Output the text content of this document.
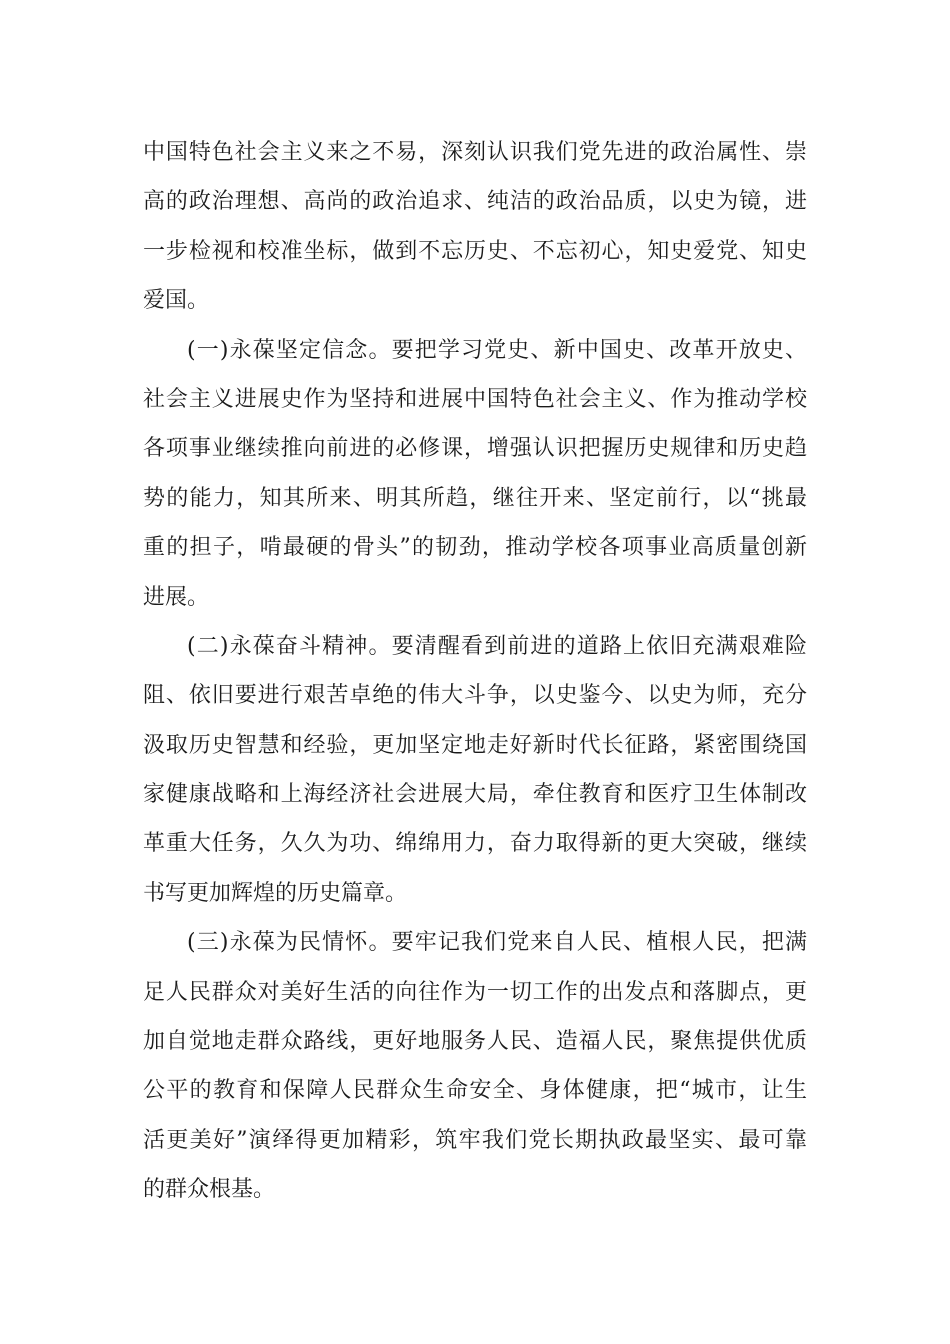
中国特色社会主义来之不易，深刻认识我们党先进的政治属性、崇
高的政治理想、高尚的政治追求、纯洁的政治品质，以史为镜，进
一步检视和校准坐标，做到不忘历史、不忘初心，知史爱党、知史
爱国。
(一)永葆坚定信念。要把学习党史、新中国史、改革开放史、
社会主义进展史作为坚持和进展中国特色社会主义、作为推动学校
各项事业继续推向前进的必修课，增强认识把握历史规律和历史趋
势的能力，知其所来、明其所趋，继往开来、坚定前行，以“挑最
重的担子，啃最硬的骨头”的韧劲，推动学校各项事业高质量创新
进展。
(二)永葆奋斗精神。要清醒看到前进的道路上依旧充满艰难险
阻、依旧要进行艰苦卓绝的伟大斗争，以史鉴今、以史为师，充分
汲取历史智慧和经验，更加坚定地走好新时代长征路，紧密围绕国
家健康战略和上海经济社会进展大局，牵住教育和医疗卫生体制改
革重大任务，久久为功、绵绵用力，奋力取得新的更大突破，继续
书写更加辉煌的历史篇章。
(三)永葆为民情怀。要牢记我们党来自人民、植根人民，把满
足人民群众对美好生活的向往作为一切工作的出发点和落脚点，更
加自觉地走群众路线，更好地服务人民、造福人民，聚焦提供优质
公平的教育和保障人民群众生命安全、身体健康，把“城市，让生
活更美好”演绎得更加精彩，筑牢我们党长期执政最坚实、最可靠
的群众根基。
